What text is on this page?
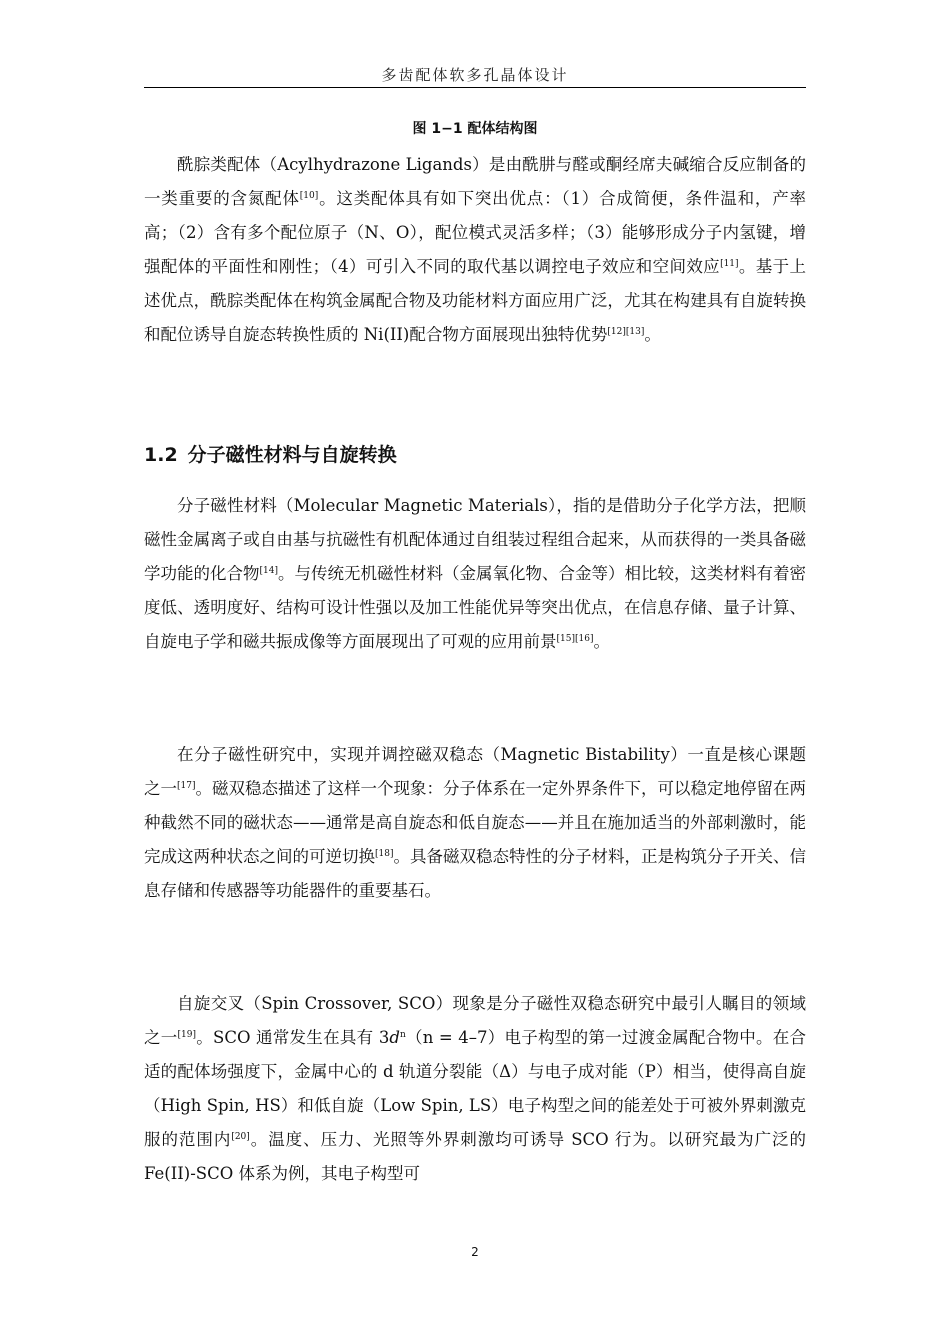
多齿配体软多孔晶体设计
图 1−1 配体结构图

酰腙类配体（Acylhydrazone Ligands）是由酰肼与醛或酮经席夫碱缩合反应制备的一类重要的含氮配体[10]。这类配体具有如下突出优点：（1）合成简便，条件温和，产率高；（2）含有多个配位原子（N、O），配位模式灵活多样；（3）能够形成分子内氢键，增强配体的平面性和刚性；（4）可引入不同的取代基以调控电子效应和空间效应[11]。基于上述优点，酰腙类配体在构筑金属配合物及功能材料方面应用广泛，尤其在构建具有自旋转换和配位诱导自旋态转换性质的 Ni(II)配合物方面展现出独特优势[12][13]。

1.2 分子磁性材料与自旋转换

分子磁性材料（Molecular Magnetic Materials），指的是借助分子化学方法，把顺磁性金属离子或自由基与抗磁性有机配体通过自组装过程组合起来，从而获得的一类具备磁学功能的化合物[14]。与传统无机磁性材料（金属氧化物、合金等）相比较，这类材料有着密度低、透明度好、结构可设计性强以及加工性能优异等突出优点，在信息存储、量子计算、自旋电子学和磁共振成像等方面展现出了可观的应用前景[15][16]。

在分子磁性研究中，实现并调控磁双稳态（Magnetic Bistability）一直是核心课题之一[17]。磁双稳态描述了这样一个现象：分子体系在一定外界条件下，可以稳定地停留在两种截然不同的磁状态——通常是高自旋态和低自旋态——并且在施加适当的外部刺激时，能完成这两种状态之间的可逆切换[18]。具备磁双稳态特性的分子材料，正是构筑分子开关、信息存储和传感器等功能器件的重要基石。

自旋交叉（Spin Crossover, SCO）现象是分子磁性双稳态研究中最引人瞩目的领域之一[19]。SCO 通常发生在具有 $3d^n(n = 4-7)$电子构型的第一过渡金属配合物中。在合适的配体场强度下，金属中心的 d 轨道分裂能（Δ）与电子成对能（P）相当，使得高自旋（High Spin, HS）和低自旋（Low Spin, LS）电子构型之间的能差处于可被外界刺激克服的范围内[20]。温度、压力、光照等外界刺激均可诱导 SCO 行为。以研究最为广泛的 Fe(II)-SCO 体系为例，其电子构型可

2
